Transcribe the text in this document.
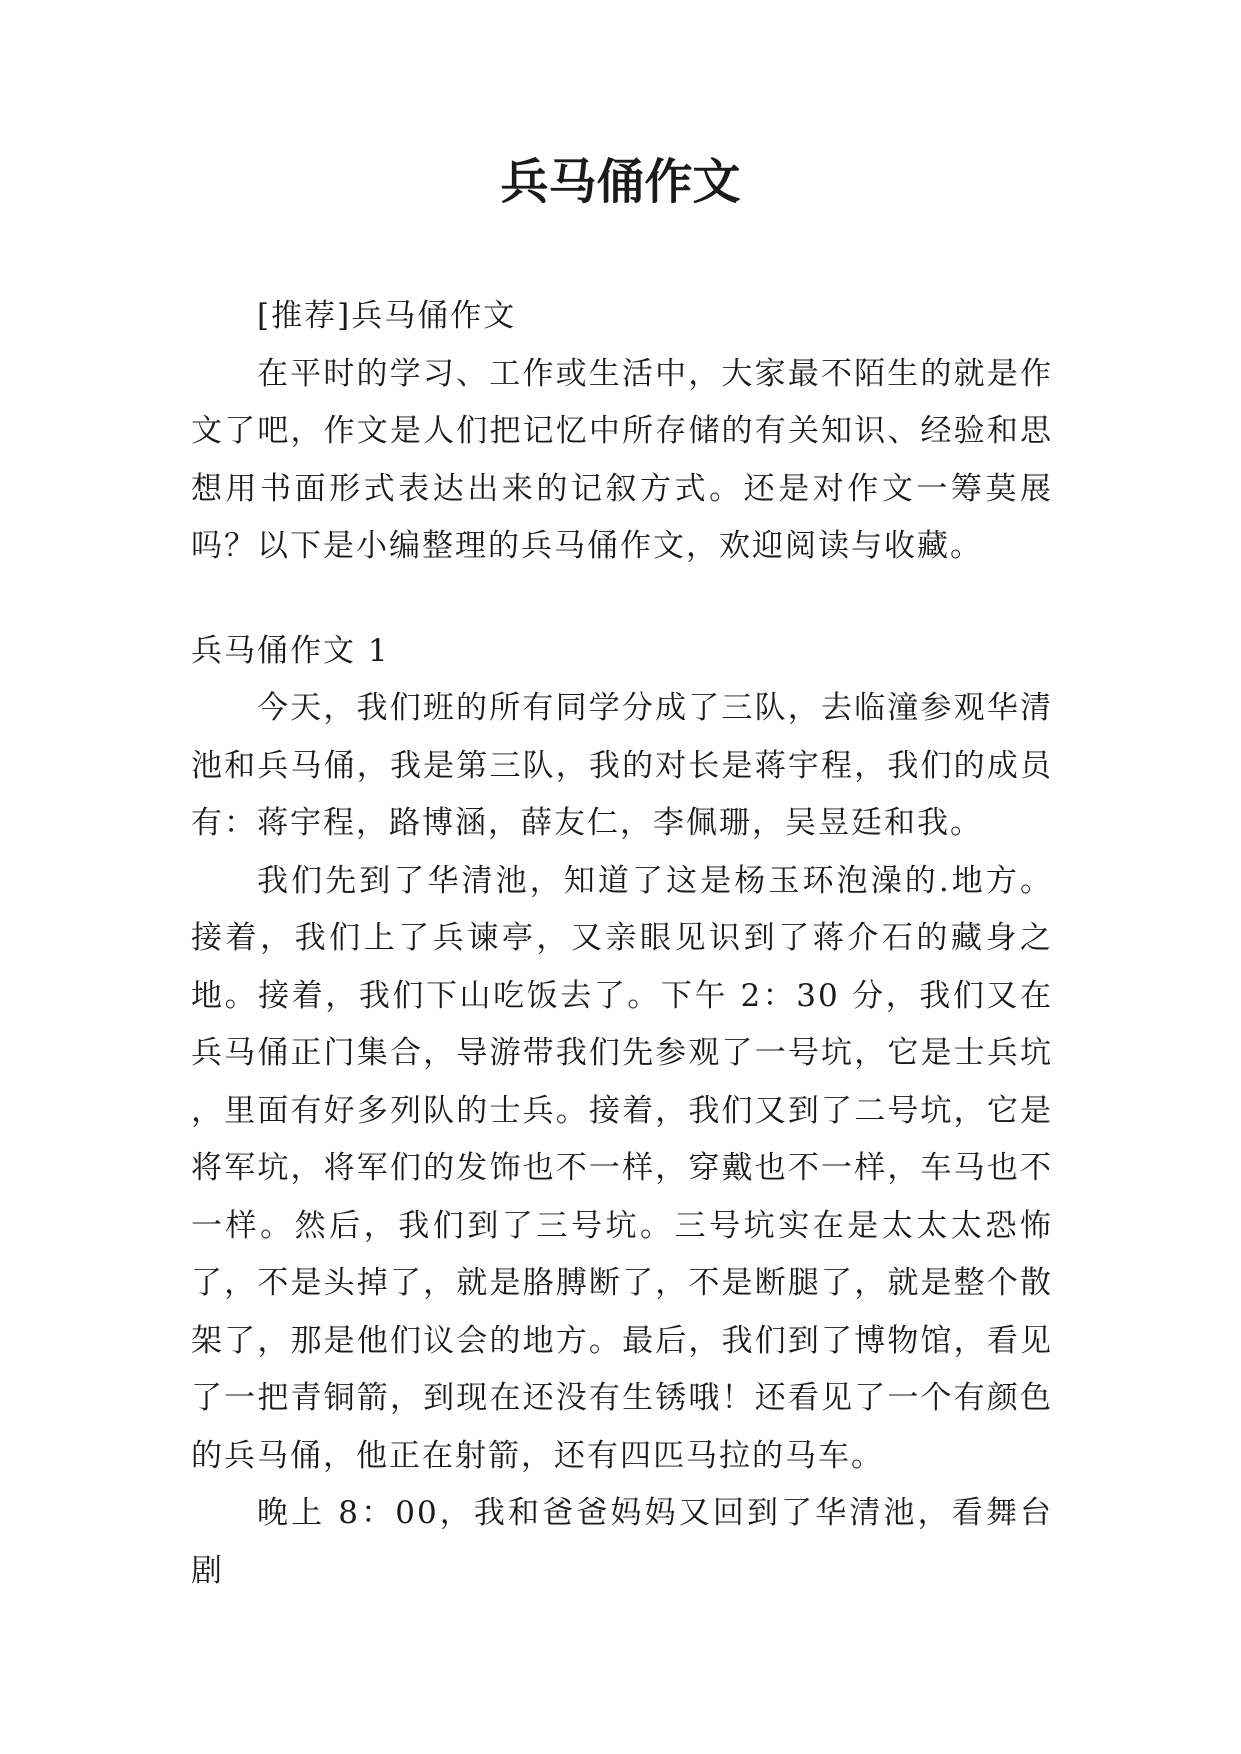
兵马俑作文

[推荐]兵马俑作文

在平时的学习、工作或生活中，大家最不陌生的就是作文了吧，作文是人们把记忆中所存储的有关知识、经验和思想用书面形式表达出来的记叙方式。还是对作文一筹莫展吗？以下是小编整理的兵马俑作文，欢迎阅读与收藏。

兵马俑作文 1

今天，我们班的所有同学分成了三队，去临潼参观华清池和兵马俑，我是第三队，我的对长是蒋宇程，我们的成员有：蒋宇程，路博涵，薛友仁，李佩珊，吴昱廷和我。

我们先到了华清池，知道了这是杨玉环泡澡的.地方。接着，我们上了兵谏亭，又亲眼见识到了蒋介石的藏身之地。接着，我们下山吃饭去了。下午 2：30 分，我们又在兵马俑正门集合，导游带我们先参观了一号坑，它是士兵坑 ，里面有好多列队的士兵。接着，我们又到了二号坑，它是将军坑，将军们的发饰也不一样，穿戴也不一样，车马也不一样。然后，我们到了三号坑。三号坑实在是太太太恐怖了，不是头掉了，就是胳膊断了，不是断腿了，就是整个散架了，那是他们议会的地方。最后，我们到了博物馆，看见了一把青铜箭，到现在还没有生锈哦！还看见了一个有颜色的兵马俑，他正在射箭，还有四匹马拉的马车。

晚上 8：00，我和爸爸妈妈又回到了华清池，看舞台剧
